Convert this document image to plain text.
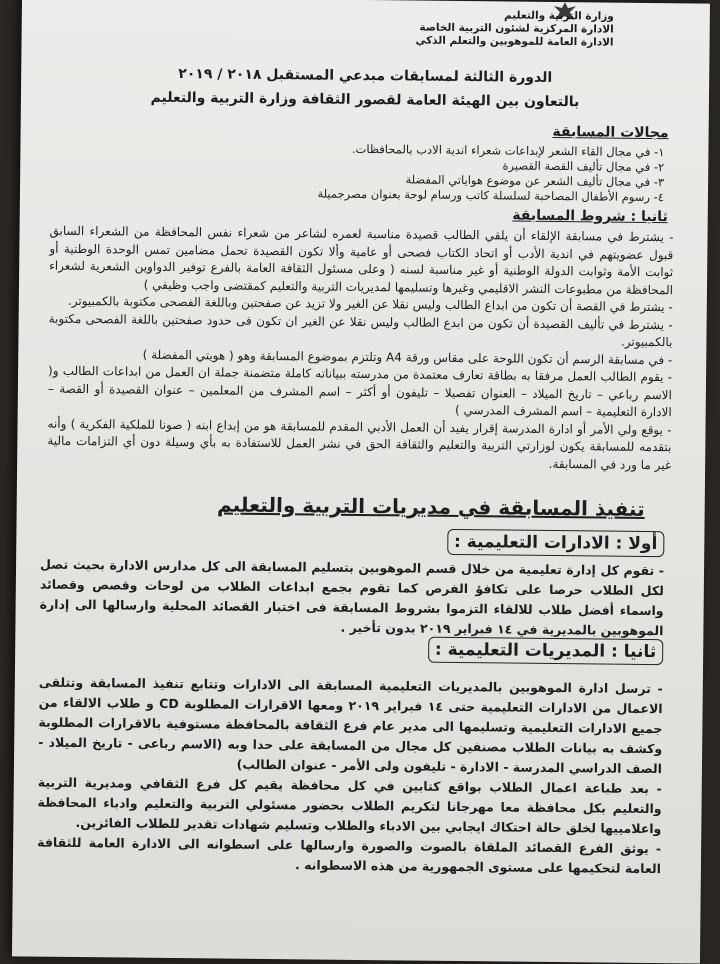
وزارة التربية والتعليم
الادارة المركزية لشئون التربية الخاصة
الادارة العامة للموهوبين والتعلم الذكي
الدورة الثالثة لمسابقات مبدعي المستقبل ٢٠١٨ / ٢٠١٩
بالتعاون بين الهيئة العامة لقصور الثقافة وزارة التربية والتعليم
مجالات المسابقة
١- في مجال القاء الشعر لإبداعات شعراء اندية الادب بالمحافظات.
٢- في مجال تأليف القصة القصيرة
٣- في مجال تأليف الشعر عن موضوع هواياتي المفضلة
٤- رسوم الأطفال المصاحبة لسلسلة كاتب ورسام لوحة بعنوان مصرجميلة
ثانيا : شروط المسابقة
- يشترط في مسابقة الإلقاء أن يلقي الطالب قصيدة مناسبة لعمره لشاعر من شعراء نفس المحافظة من الشعراء السابق قبول عضويتهم في اندية الأدب أو اتحاد الكتاب فصحى أو عامية وألا تكون القصيدة تحمل مضامين تمس الوحدة الوطنية أو ثوابت الأمة وثوابت الدولة الوطنية أو غير مناسبة لسنه ( وعلى مسئول الثقافة العامة بالفرع توفير الدواوين الشعرية لشعراء المحافظة من مطبوعات النشر الاقليمي وغيرها وتسليمها لمديريات التربية والتعليم كمقتضى واجب وظيفي )
- يشترط في القصة أن تكون من ابداع الطالب وليس نقلا عن الغير ولا تزيد عن صفحتين وباللغة الفصحى مكتوبة بالكمبيوتر.
- يشترط في تأليف القصيدة أن تكون من ابدع الطالب وليس نقلا عن الغير ان تكون فى حدود صفحتين باللغة الفصحى مكتوبة بالكمبيوتر.
- في مسابقة الرسم أن تكون اللوحة على مقاس ورقة A4 وتلتزم بموضوع المسابقة وهو ( هويتي المفضلة )
- يقوم الطالب العمل مرفقا به بطاقة تعارف معتمدة من مدرسته ببياناته كاملة متضمنة جملة ان العمل من ابداعات الطالب و( الاسم رباعي – تاريخ الميلاد – العنوان تفصيلا – تليفون أو أكثر – اسم المشرف من المعلمين – عنوان القصيدة أو القصة – الادارة التعليمية – اسم المشرف المدرسي )
- يوقع ولي الأمر أو ادارة المدرسة إقرار يفيد أن العمل الأدبي المقدم للمسابقة هو من إبداع ابنه ( صونا للملكية الفكرية ) وأنه بتقدمه للمسابقة يكون لوزارتي التربية والتعليم والثقافة الحق في نشر العمل للاستفادة به بأي وسيلة دون أي التزامات مالية غير ما ورد في المسابقة.
تنفيذ المسابقة في مديريات التربية والتعليم
أولا : الادارات التعليمية :
- تقوم كل إدارة تعليمية من خلال قسم الموهوبين بتسليم المسابقة الى كل مدارس الادارة بحيث تصل لكل الطلاب حرصا على تكافؤ الفرص كما تقوم بجمع ابداعات الطلاب من لوحات وقصص وقصائد واسماء أفضل طلاب للالقاء التزموا بشروط المسابقة فى اختبار القصائد المحلية وارسالها الى إدارة الموهوبين بالمديرية في ١٤ فبراير ٢٠١٩ بدون تأخير .
ثانيا : المديريات التعليمية :
- ترسل ادارة الموهوبين بالمديريات التعليمية المسابقة الى الادارات وتتابع تنفيذ المسابقة وتتلقى الاعمال من الادارات التعليمية حتى ١٤ فبراير ٢٠١٩ ومعها الاقرارات المطلوبة CD و طلاب الالقاء من جميع الادارات التعليمية وتسليمها الى مدير عام فرع الثقافة بالمحافظة مستوفية بالاقرارات المطلوبة وكشف به بيانات الطلاب مصنفين كل مجال من المسابقة على حدا وبه (الاسم رباعى - تاريخ الميلاد - الصف الدراسي المدرسة - الادارة - تليفون ولى الأمر - عنوان الطالب)
- بعد طباعة اعمال الطلاب بواقع كتابين في كل محافظة يقيم كل فرع الثقافي ومديرية التربية والتعليم بكل محافظة معا مهرجانا لتكريم الطلاب بحضور مسئولي التربية والتعليم وادباء المحافظة واعلامييها لخلق حالة احتكاك ايجابي بين الادباء والطلاب وتسليم شهادات تقدير للطلاب الفائزين.
- يوثق الفرع القصائد الملقاة بالصوت والصورة وارسالها على اسطوانه الى الادارة العامة للثقافة العامة لتحكيمها على مستوى الجمهورية من هذه الاسطوانه .
